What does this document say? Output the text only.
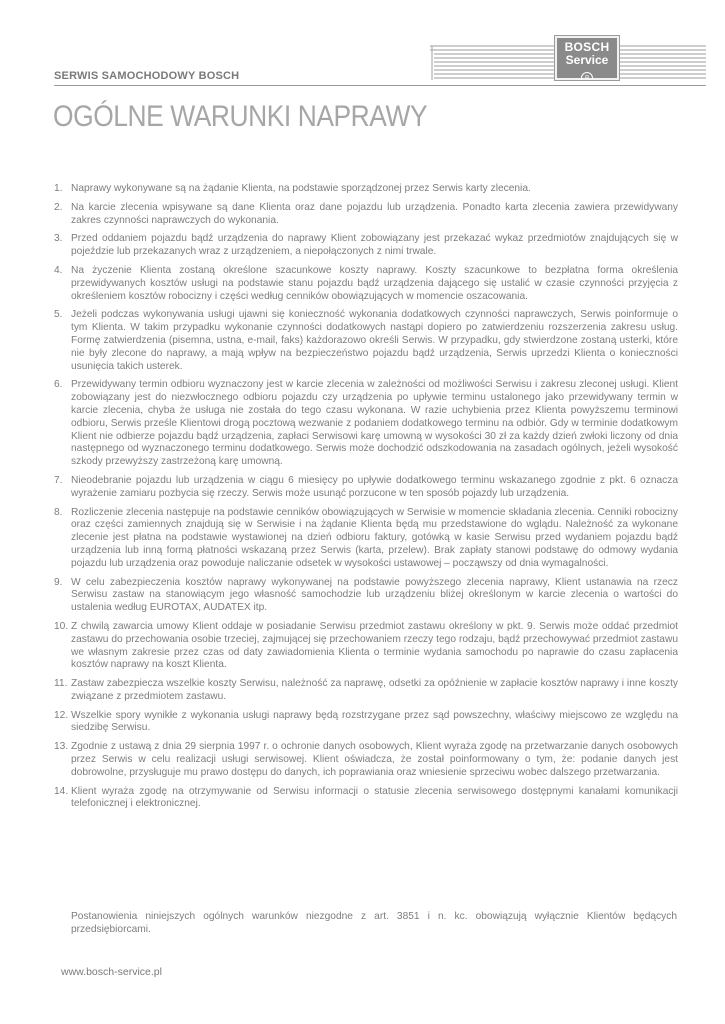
BOSCH
Service
⊖
SERWIS SAMOCHODOWY BOSCH
OGÓLNE WARUNKI NAPRAWY
1. Naprawy wykonywane są na żądanie Klienta, na podstawie sporządzonej przez Serwis karty zlecenia.
2. Na karcie zlecenia wpisywane są dane Klienta oraz dane pojazdu lub urządzenia. Ponadto karta zlecenia zawiera przewidywany zakres czynności naprawczych do wykonania.
3. Przed oddaniem pojazdu bądź urządzenia do naprawy Klient zobowiązany jest przekazać wykaz przedmiotów znajdujących się w pojeździe lub przekazanych wraz z urządzeniem, a niepołączonych z nimi trwale.
4. Na życzenie Klienta zostaną określone szacunkowe koszty naprawy. Koszty szacunkowe to bezpłatna forma określenia przewidywanych kosztów usługi na podstawie stanu pojazdu bądź urządzenia dającego się ustalić w czasie czynności przyjęcia z określeniem kosztów robocizny i części według cenników obowiązujących w momencie oszacowania.
5. Jeżeli podczas wykonywania usługi ujawni się konieczność wykonania dodatkowych czynności naprawczych, Serwis poinformuje o tym Klienta. W takim przypadku wykonanie czynności dodatkowych nastąpi dopiero po zatwierdzeniu rozszerzenia zakresu usług. Formę zatwierdzenia (pisemna, ustna, e-mail, faks) każdorazowo określi Serwis. W przypadku, gdy stwierdzone zostaną usterki, które nie były zlecone do naprawy, a mają wpływ na bezpieczeństwo pojazdu bądź urządzenia, Serwis uprzedzi Klienta o konieczności usunięcia takich usterek.
6. Przewidywany termin odbioru wyznaczony jest w karcie zlecenia w zależności od możliwości Serwisu i zakresu zleconej usługi. Klient zobowiązany jest do niezwłocznego odbioru pojazdu czy urządzenia po upływie terminu ustalonego jako przewidywany termin w karcie zlecenia, chyba że usługa nie została do tego czasu wykonana. W razie uchybienia przez Klienta powyższemu terminowi odbioru, Serwis prześle Klientowi drogą pocztową wezwanie z podaniem dodatkowego terminu na odbiór. Gdy w terminie dodatkowym Klient nie odbierze pojazdu bądź urządzenia, zapłaci Serwisowi karę umowną w wysokości 30 zł za każdy dzień zwłoki liczony od dnia następnego od wyznaczonego terminu dodatkowego. Serwis może dochodzić odszkodowania na zasadach ogólnych, jeżeli wysokość szkody przewyższy zastrzeżoną karę umowną.
7. Nieodebranie pojazdu lub urządzenia w ciągu 6 miesięcy po upływie dodatkowego terminu wskazanego zgodnie z pkt. 6 oznacza wyrażenie zamiaru pozbycia się rzeczy. Serwis może usunąć porzucone w ten sposób pojazdy lub urządzenia.
8. Rozliczenie zlecenia następuje na podstawie cenników obowiązujących w Serwisie w momencie składania zlecenia. Cenniki robocizny oraz części zamiennych znajdują się w Serwisie i na żądanie Klienta będą mu przedstawione do wglądu. Należność za wykonane zlecenie jest płatna na podstawie wystawionej na dzień odbioru faktury, gotówką w kasie Serwisu przed wydaniem pojazdu bądź urządzenia lub inną formą płatności wskazaną przez Serwis (karta, przelew). Brak zapłaty stanowi podstawę do odmowy wydania pojazdu lub urządzenia oraz powoduje naliczanie odsetek w wysokości ustawowej – począwszy od dnia wymagalności.
9. W celu zabezpieczenia kosztów naprawy wykonywanej na podstawie powyższego zlecenia naprawy, Klient ustanawia na rzecz Serwisu zastaw na stanowiącym jego własność samochodzie lub urządzeniu bliżej określonym w karcie zlecenia o wartości do ustalenia według EUROTAX, AUDATEX itp.
10. Z chwilą zawarcia umowy Klient oddaje w posiadanie Serwisu przedmiot zastawu określony w pkt. 9. Serwis może oddać przedmiot zastawu do przechowania osobie trzeciej, zajmującej się przechowaniem rzeczy tego rodzaju, bądź przechowywać przedmiot zastawu we własnym zakresie przez czas od daty zawiadomienia Klienta o terminie wydania samochodu po naprawie do czasu zapłacenia kosztów naprawy na koszt Klienta.
11. Zastaw zabezpiecza wszelkie koszty Serwisu, należność za naprawę, odsetki za opóźnienie w zapłacie kosztów naprawy i inne koszty związane z przedmiotem zastawu.
12. Wszelkie spory wynikłe z wykonania usługi naprawy będą rozstrzygane przez sąd powszechny, właściwy miejscowo ze względu na siedzibę Serwisu.
13. Zgodnie z ustawą z dnia 29 sierpnia 1997 r. o ochronie danych osobowych, Klient wyraża zgodę na przetwarzanie danych osobowych przez Serwis w celu realizacji usługi serwisowej. Klient oświadcza, że został poinformowany o tym, że: podanie danych jest dobrowolne, przysługuje mu prawo dostępu do danych, ich poprawiania oraz wniesienie sprzeciwu wobec dalszego przetwarzania.
14. Klient wyraża zgodę na otrzymywanie od Serwisu informacji o statusie zlecenia serwisowego dostępnymi kanałami komunikacji telefonicznej i elektronicznej.

Postanowienia niniejszych ogólnych warunków niezgodne z art. 3851 i n. kc. obowiązują wyłącznie Klientów będących przedsiębiorcami.

www.bosch-service.pl
